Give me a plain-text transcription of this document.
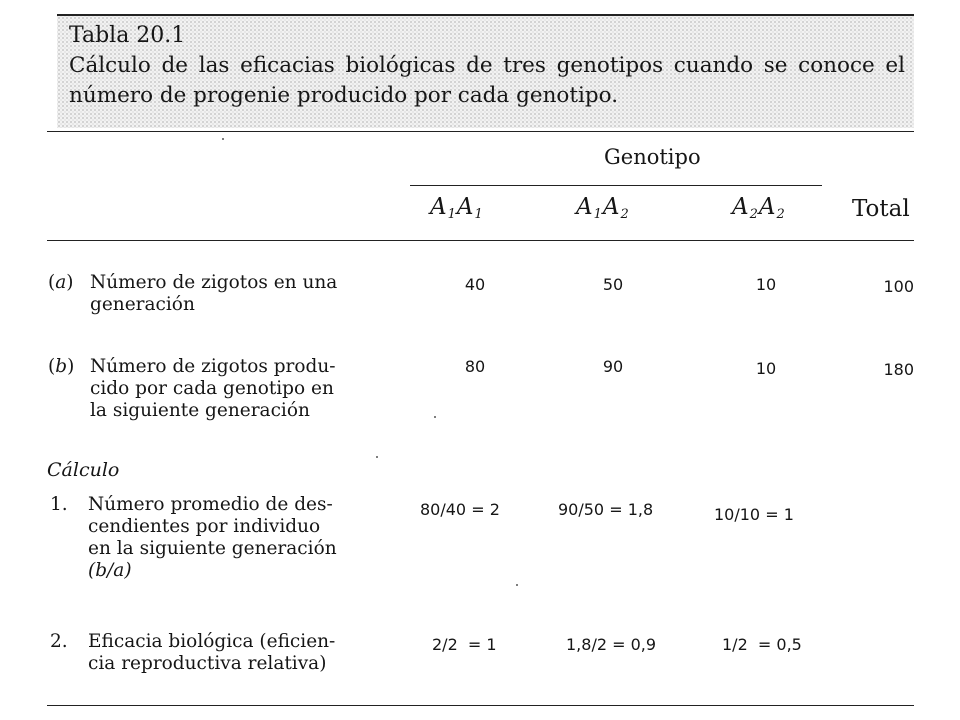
Tabla 20.1
Cálculo de las eficacias biológicas de tres genotipos cuando se conoce el número de progenie producido por cada genotipo.
Genotipo
$A_1A_1$	$A_1A_2$	$A_2A_2$	Total
(a) Número de zigotos en una
generación
40	50	10	100
(b) Número de zigotos produ-
cido por cada genotipo en
la siguiente generación
80	90	10	180
Cálculo
1. Número promedio de des-
cendientes por individuo
en la siguiente generación
(b/a)
80/40 = 2	90/50 = 1,8	10/10 = 1
2. Eficacia biológica (eficien-
cia reproductiva relativa)
2/2  = 1	1,8/2 = 0,9	1/2  = 0,5
